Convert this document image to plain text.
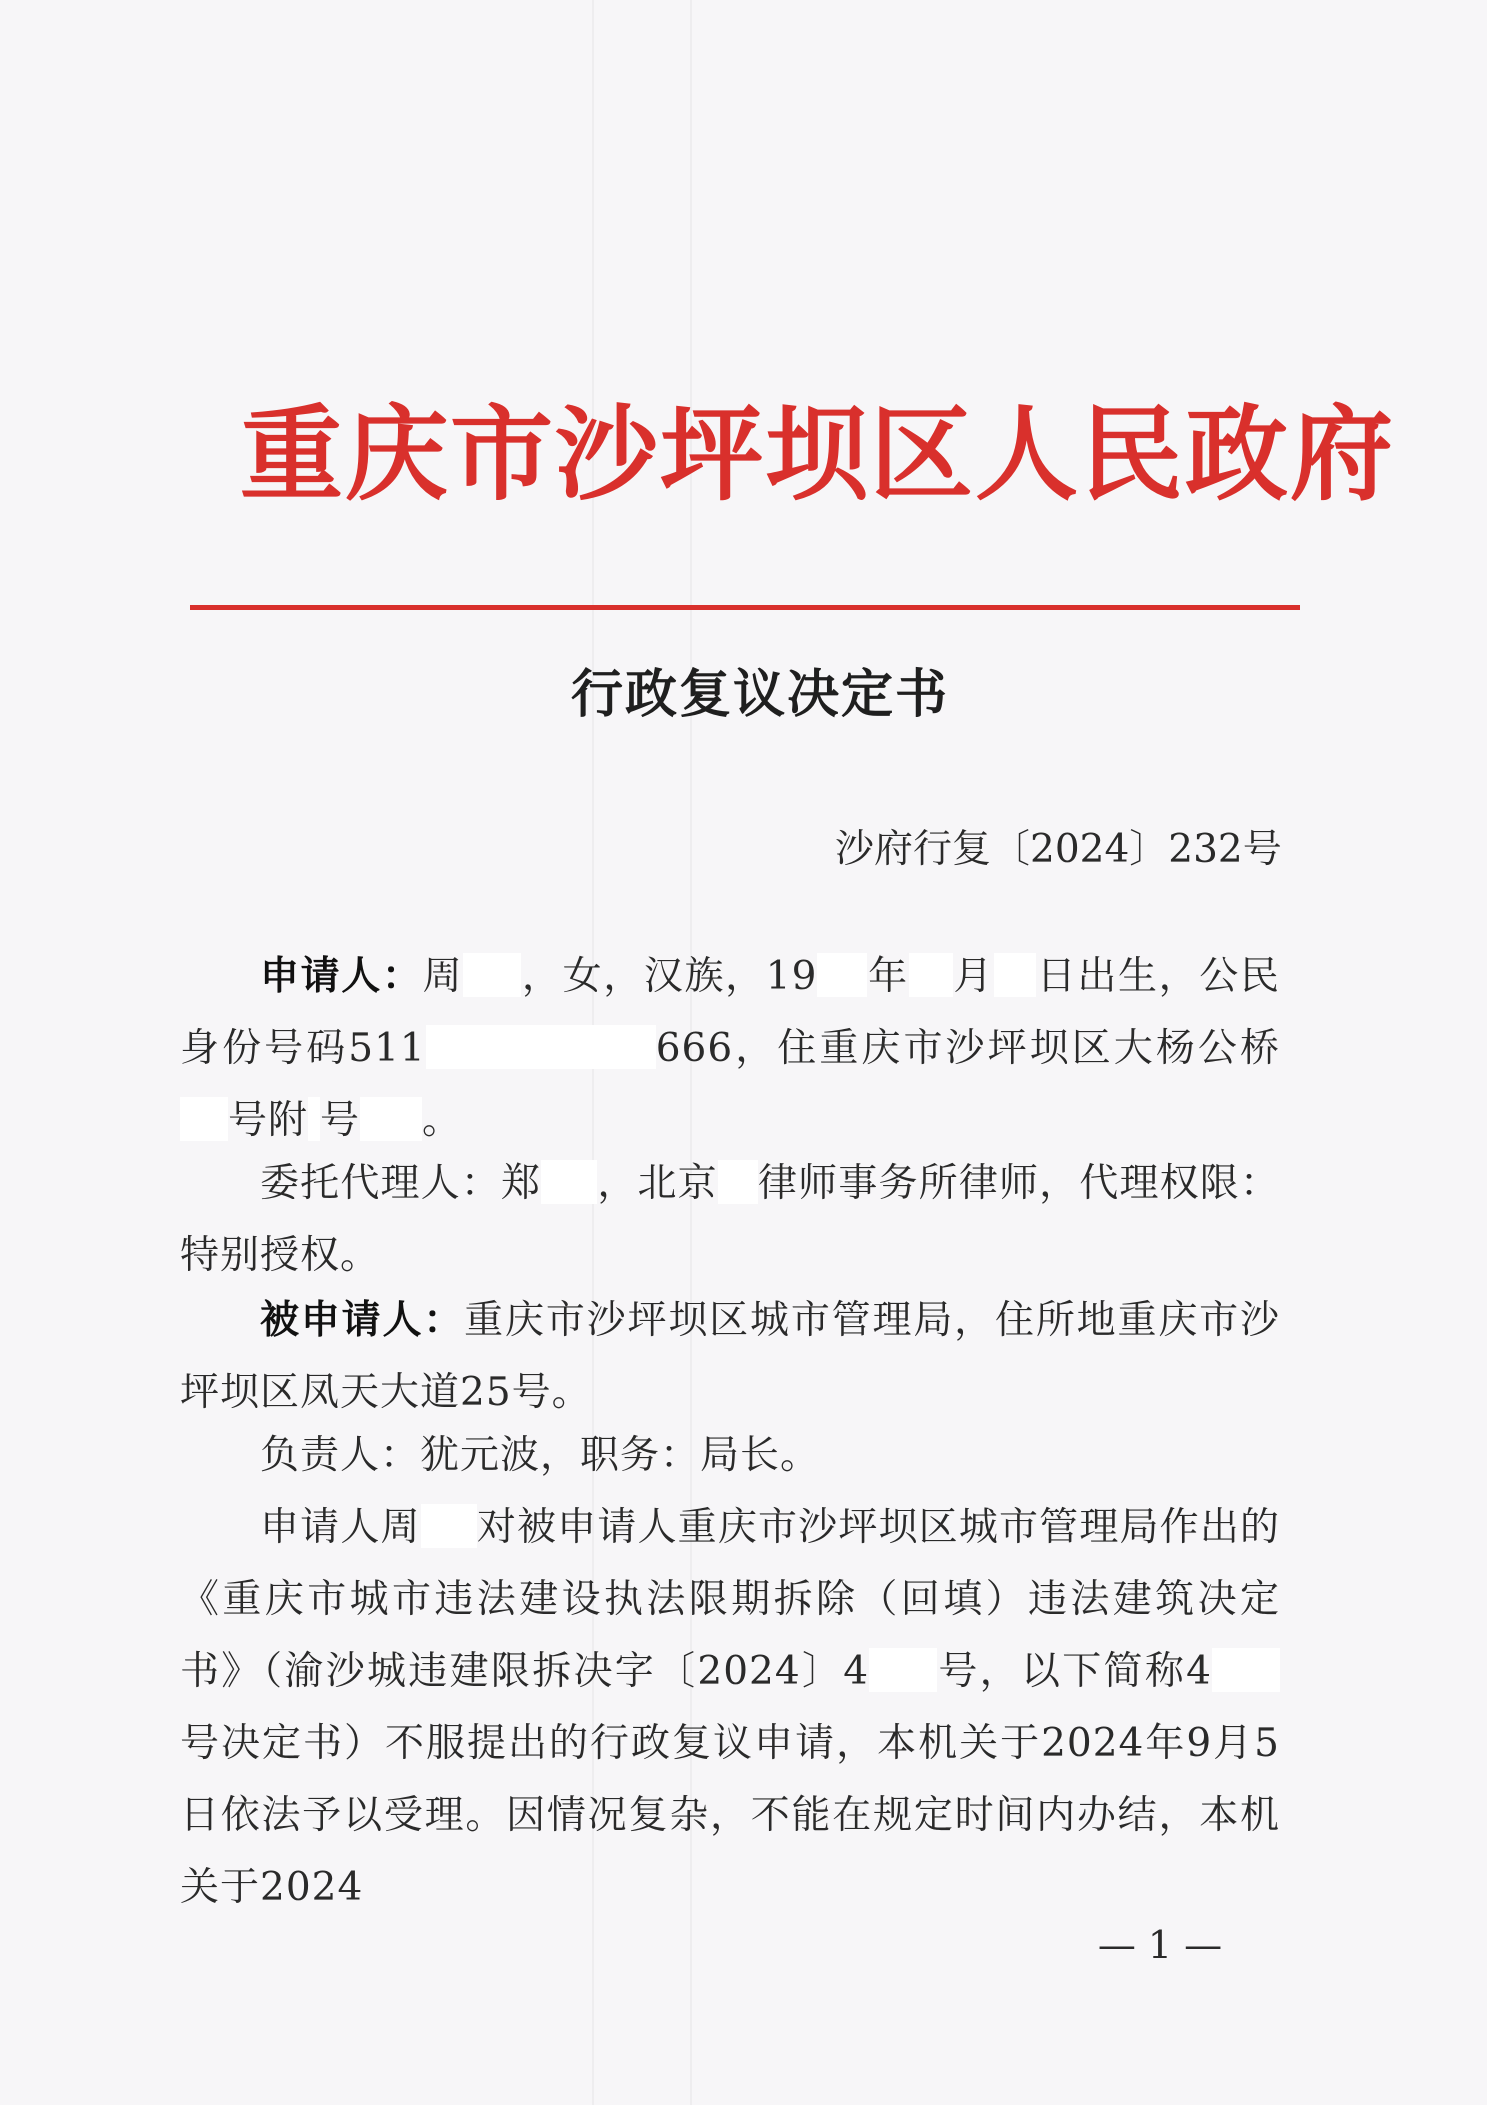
重庆市沙坪坝区人民政府
行政复议决定书
沙府行复〔2024〕232号
申请人：周 ，女，汉族，19 年 月 日出生，公民身份号码511	666，住重庆市沙坪坝区大杨公桥号附 号 。
委托代理人：郑 ，北京 律师事务所律师，代理权限：特别授权。
被申请人：重庆市沙坪坝区城市管理局，住所地重庆市沙坪坝区凤天大道25号。
负责人：犹元波，职务：局长。
申请人周 对被申请人重庆市沙坪坝区城市管理局作出的《重庆市城市违法建设执法限期拆除（回填）违法建筑决定书》（渝沙城违建限拆决字〔2024〕4 号，以下简称4号决定书）不服提出的行政复议申请，本机关于2024年9月5日依法予以受理。因情况复杂，不能在规定时间内办结，本机关于2024
— 1 —
